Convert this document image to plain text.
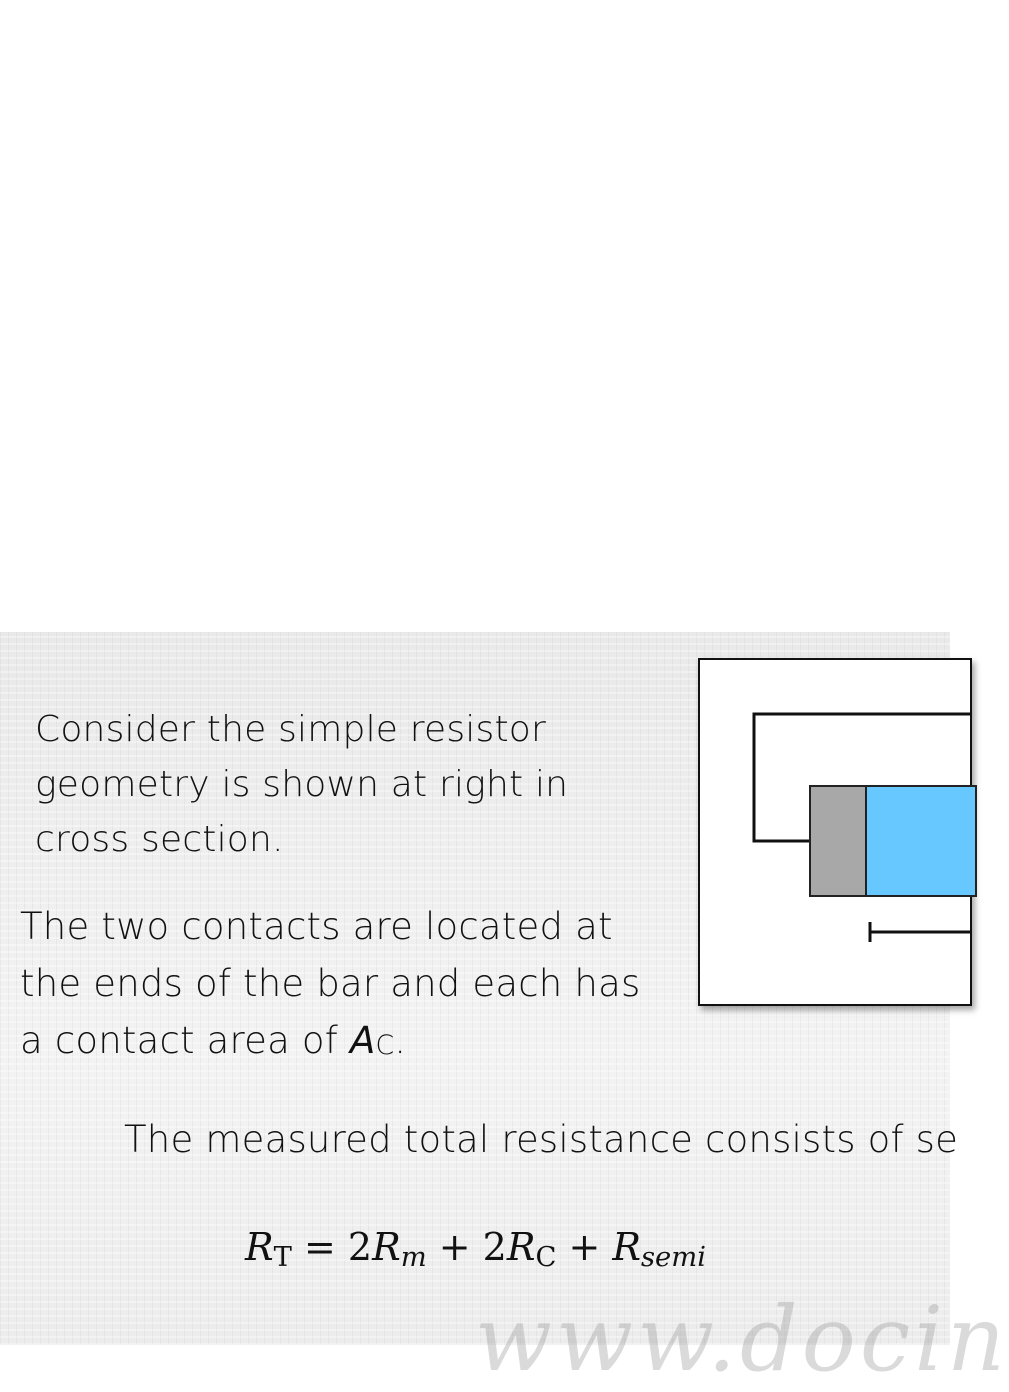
Consider the simple resistor
geometry is shown at right in
cross section.

The two contacts are located at
the ends of the bar and each has
a contact area of AC.

The measured total resistance consists of se

RT = 2Rm + 2RC + Rsemi
www.docin
